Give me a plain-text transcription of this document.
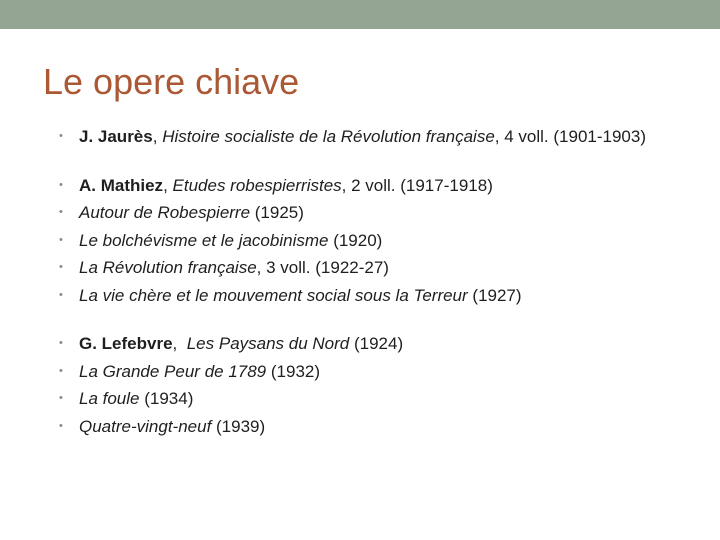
Le opere chiave
• J. Jaurès, Histoire socialiste de la Révolution française, 4 voll. (1901-1903)
• A. Mathiez, Etudes robespierristes, 2 voll. (1917-1918)
• Autour de Robespierre (1925)
• Le bolchévisme et le jacobinisme (1920)
• La Révolution française, 3 voll. (1922-27)
• La vie chère et le mouvement social sous la Terreur (1927)
• G. Lefebvre,  Les Paysans du Nord (1924)
• La Grande Peur de 1789 (1932)
• La foule (1934)
• Quatre-vingt-neuf (1939)
